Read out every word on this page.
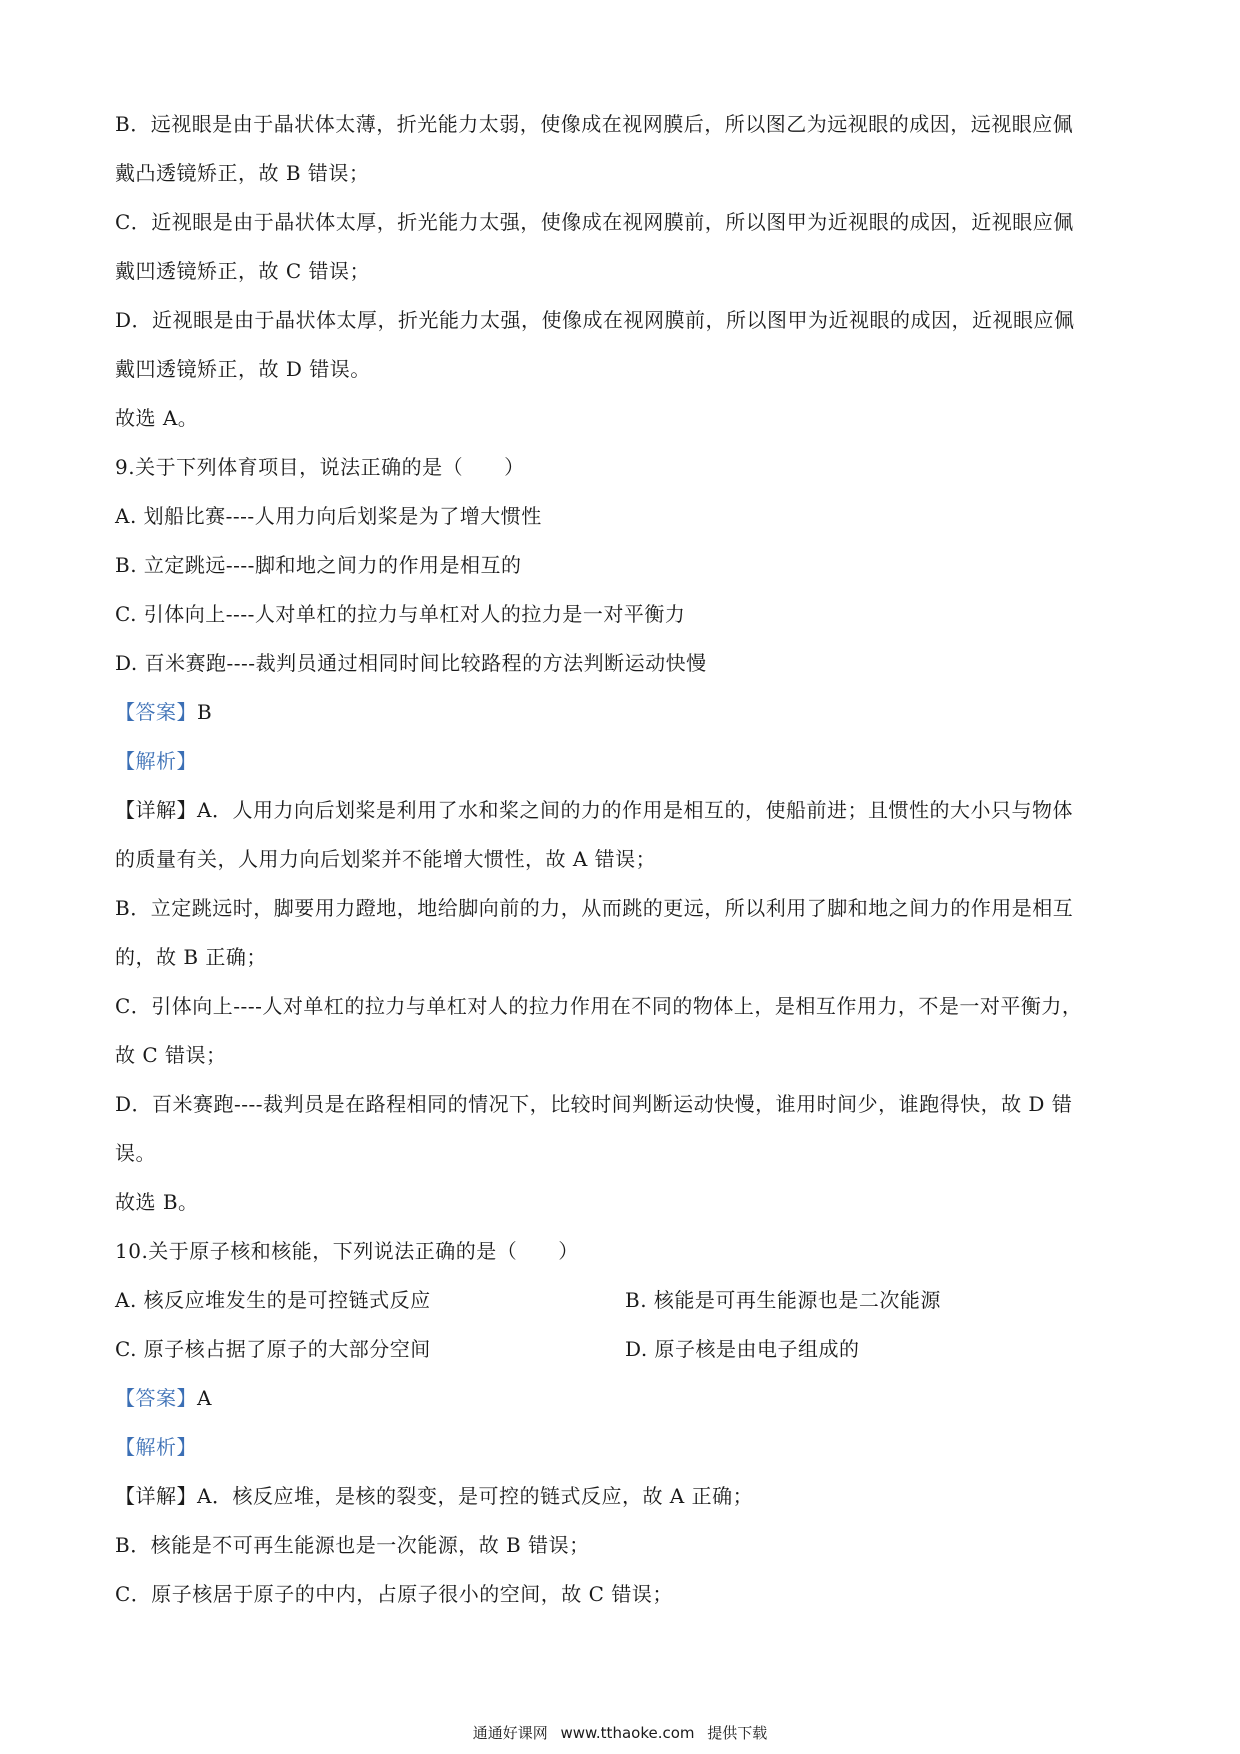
B．远视眼是由于晶状体太薄，折光能力太弱，使像成在视网膜后，所以图乙为远视眼的成因，远视眼应佩
戴凸透镜矫正，故 B 错误；
C．近视眼是由于晶状体太厚，折光能力太强，使像成在视网膜前，所以图甲为近视眼的成因，近视眼应佩
戴凹透镜矫正，故 C 错误；
D．近视眼是由于晶状体太厚，折光能力太强，使像成在视网膜前，所以图甲为近视眼的成因，近视眼应佩
戴凹透镜矫正，故 D 错误。
故选 A。
9.关于下列体育项目，说法正确的是（　　）
A. 划船比赛----人用力向后划桨是为了增大惯性
B. 立定跳远----脚和地之间力的作用是相互的
C. 引体向上----人对单杠的拉力与单杠对人的拉力是一对平衡力
D. 百米赛跑----裁判员通过相同时间比较路程的方法判断运动快慢
【答案】B
【解析】
【详解】A．人用力向后划桨是利用了水和桨之间的力的作用是相互的，使船前进；且惯性的大小只与物体
的质量有关，人用力向后划桨并不能增大惯性，故 A 错误；
B．立定跳远时，脚要用力蹬地，地给脚向前的力，从而跳的更远，所以利用了脚和地之间力的作用是相互
的，故 B 正确；
C．引体向上----人对单杠的拉力与单杠对人的拉力作用在不同的物体上，是相互作用力，不是一对平衡力，
故 C 错误；
D．百米赛跑----裁判员是在路程相同的情况下，比较时间判断运动快慢，谁用时间少，谁跑得快，故 D 错
误。
故选 B。
10.关于原子核和核能，下列说法正确的是（　　）
A. 核反应堆发生的是可控链式反应	B. 核能是可再生能源也是二次能源
C. 原子核占据了原子的大部分空间	D. 原子核是由电子组成的
【答案】A
【解析】
【详解】A．核反应堆，是核的裂变，是可控的链式反应，故 A 正确；
B．核能是不可再生能源也是一次能源，故 B 错误；
C．原子核居于原子的中内，占原子很小的空间，故 C 错误；
通通好课网 www.tthaoke.com 提供下载
